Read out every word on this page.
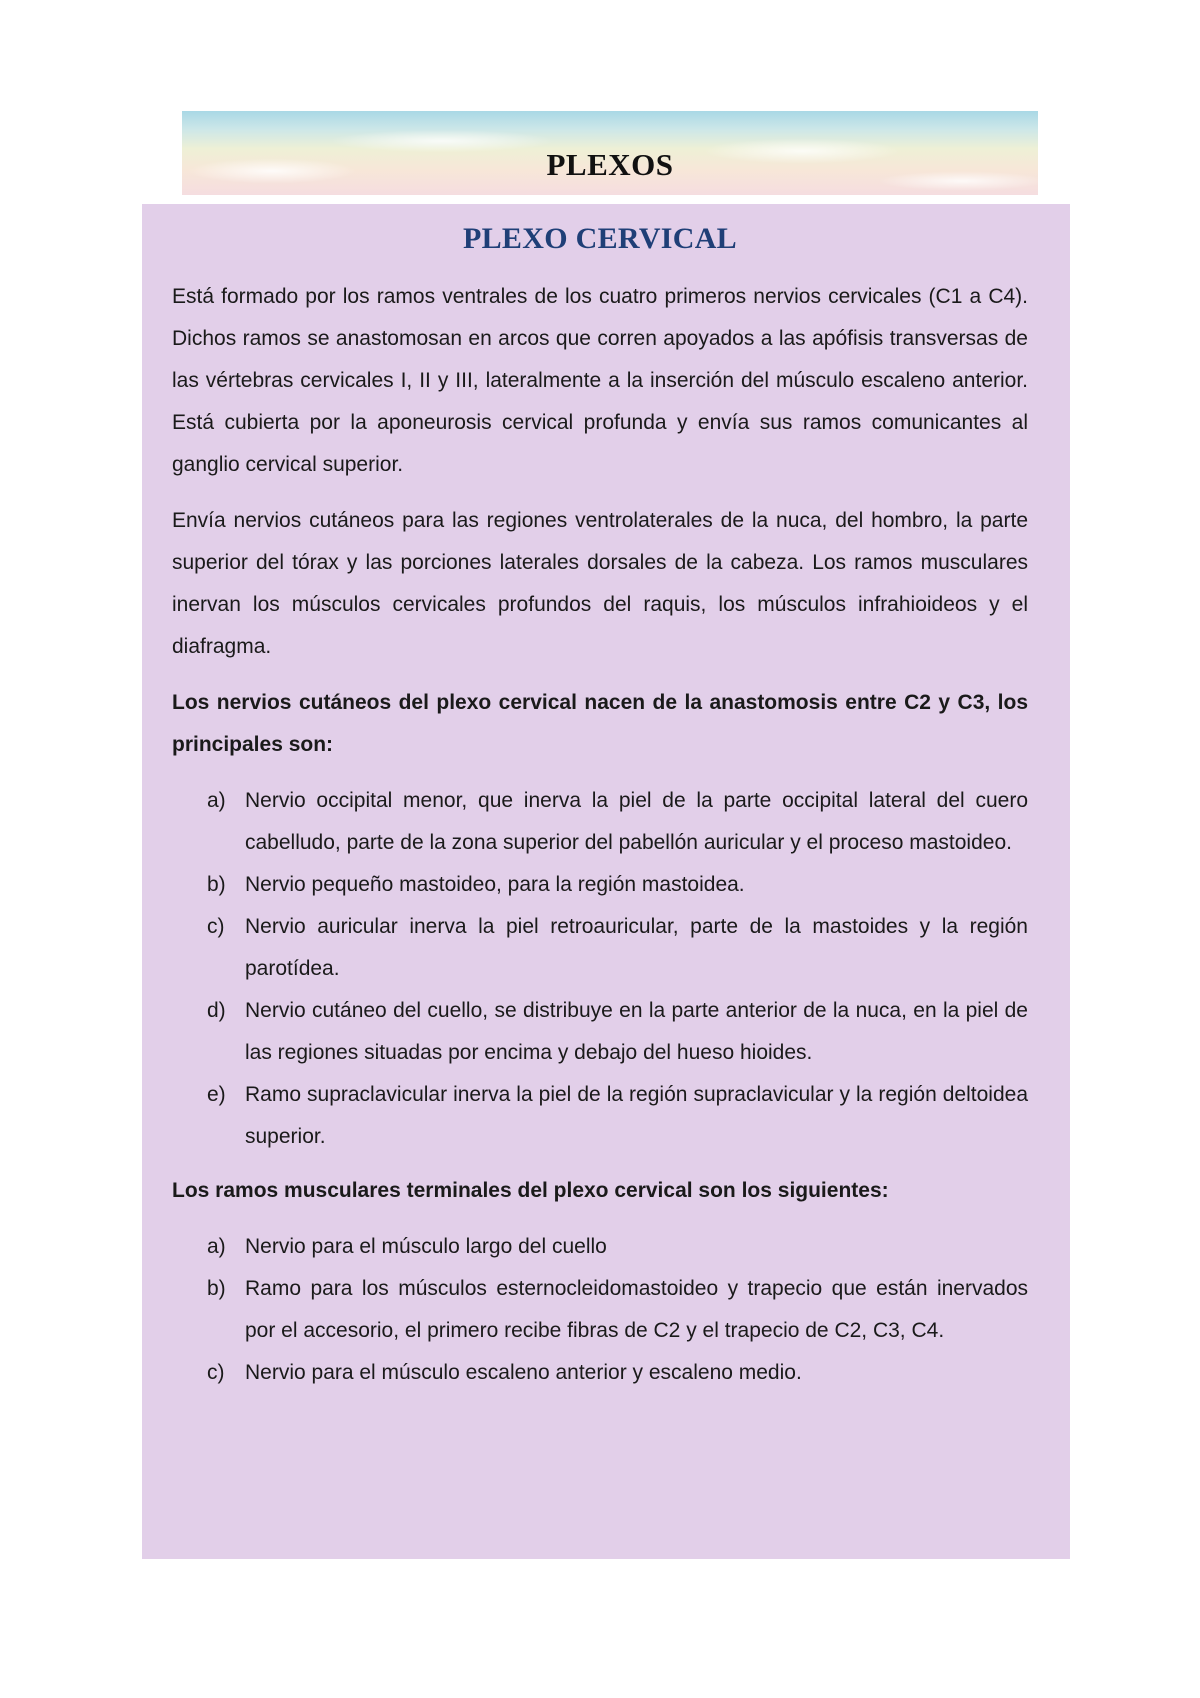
PLEXOS
PLEXO CERVICAL

Está formado por los ramos ventrales de los cuatro primeros nervios cervicales (C1 a C4). Dichos ramos se anastomosan en arcos que corren apoyados a las apófisis transversas de las vértebras cervicales I, II y III, lateralmente a la inserción del músculo escaleno anterior. Está cubierta por la aponeurosis cervical profunda y envía sus ramos comunicantes al ganglio cervical superior.

Envía nervios cutáneos para las regiones ventrolaterales de la nuca, del hombro, la parte superior del tórax y las porciones laterales dorsales de la cabeza. Los ramos musculares inervan los músculos cervicales profundos del raquis, los músculos infrahioideos y el diafragma.

Los nervios cutáneos del plexo cervical nacen de la anastomosis entre C2 y C3, los principales son:

a) Nervio occipital menor, que inerva la piel de la parte occipital lateral del cuero cabelludo, parte de la zona superior del pabellón auricular y el proceso mastoideo.
b) Nervio pequeño mastoideo, para la región mastoidea.
c) Nervio auricular inerva la piel retroauricular, parte de la mastoides y la región parotídea.
d) Nervio cutáneo del cuello, se distribuye en la parte anterior de la nuca, en la piel de las regiones situadas por encima y debajo del hueso hioides.
e) Ramo supraclavicular inerva la piel de la región supraclavicular y la región deltoidea superior.

Los ramos musculares terminales del plexo cervical son los siguientes:

a) Nervio para el músculo largo del cuello
b) Ramo para los músculos esternocleidomastoideo y trapecio que están inervados por el accesorio, el primero recibe fibras de C2 y el trapecio de C2, C3, C4.
c) Nervio para el músculo escaleno anterior y escaleno medio.
